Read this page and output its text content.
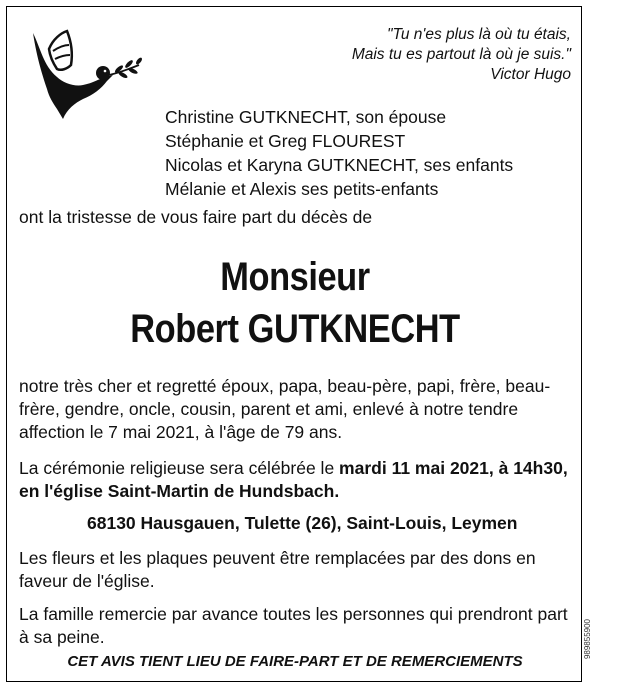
"Tu n'es plus là où tu étais,
Mais tu es partout là où je suis."
Victor Hugo
Christine GUTKNECHT, son épouse
Stéphanie et Greg FLOUREST
Nicolas et Karyna GUTKNECHT, ses enfants
Mélanie et Alexis ses petits-enfants
ont la tristesse de vous faire part du décès de
Monsieur
Robert GUTKNECHT
notre très cher et regretté époux, papa, beau-père, papi, frère, beau-frère, gendre, oncle, cousin, parent et ami, enlevé à notre tendre affection le 7 mai 2021, à l'âge de 79 ans.
La cérémonie religieuse sera célébrée le mardi 11 mai 2021, à 14h30, en l'église Saint-Martin de Hundsbach.
68130 Hausgauen, Tulette (26), Saint-Louis, Leymen
Les fleurs et les plaques peuvent être remplacées par des dons en faveur de l'église.
La famille remercie par avance toutes les personnes qui prendront part à sa peine.
CET AVIS TIENT LIEU DE FAIRE-PART ET DE REMERCIEMENTS
989855900
